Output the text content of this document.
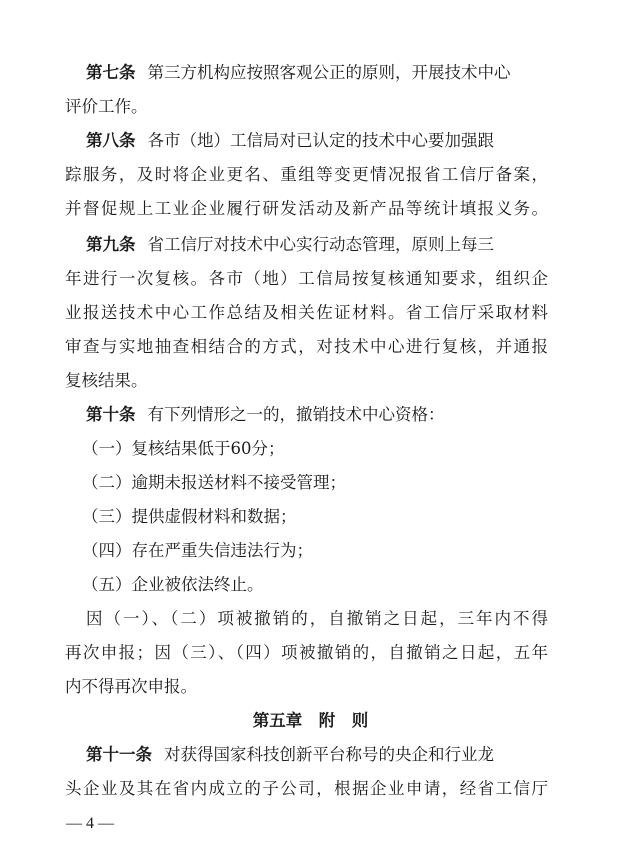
第七条 第三方机构应按照客观公正的原则，开展技术中心
评价工作。
第八条 各市（地）工信局对已认定的技术中心要加强跟
踪服务，及时将企业更名、重组等变更情况报省工信厅备案，
并督促规上工业企业履行研发活动及新产品等统计填报义务。
第九条 省工信厅对技术中心实行动态管理，原则上每三
年进行一次复核。各市（地）工信局按复核通知要求，组织企
业报送技术中心工作总结及相关佐证材料。省工信厅采取材料
审查与实地抽查相结合的方式，对技术中心进行复核，并通报
复核结果。
第十条 有下列情形之一的，撤销技术中心资格：
（一）复核结果低于60分；
（二）逾期未报送材料不接受管理；
（三）提供虚假材料和数据；
（四）存在严重失信违法行为；
（五）企业被依法终止。
因（一）、（二）项被撤销的，自撤销之日起，三年内不得
再次申报；因（三）、（四）项被撤销的，自撤销之日起，五年
内不得再次申报。
第五章　附　则
第十一条 对获得国家科技创新平台称号的央企和行业龙
头企业及其在省内成立的子公司，根据企业申请，经省工信厅
— 4 —
